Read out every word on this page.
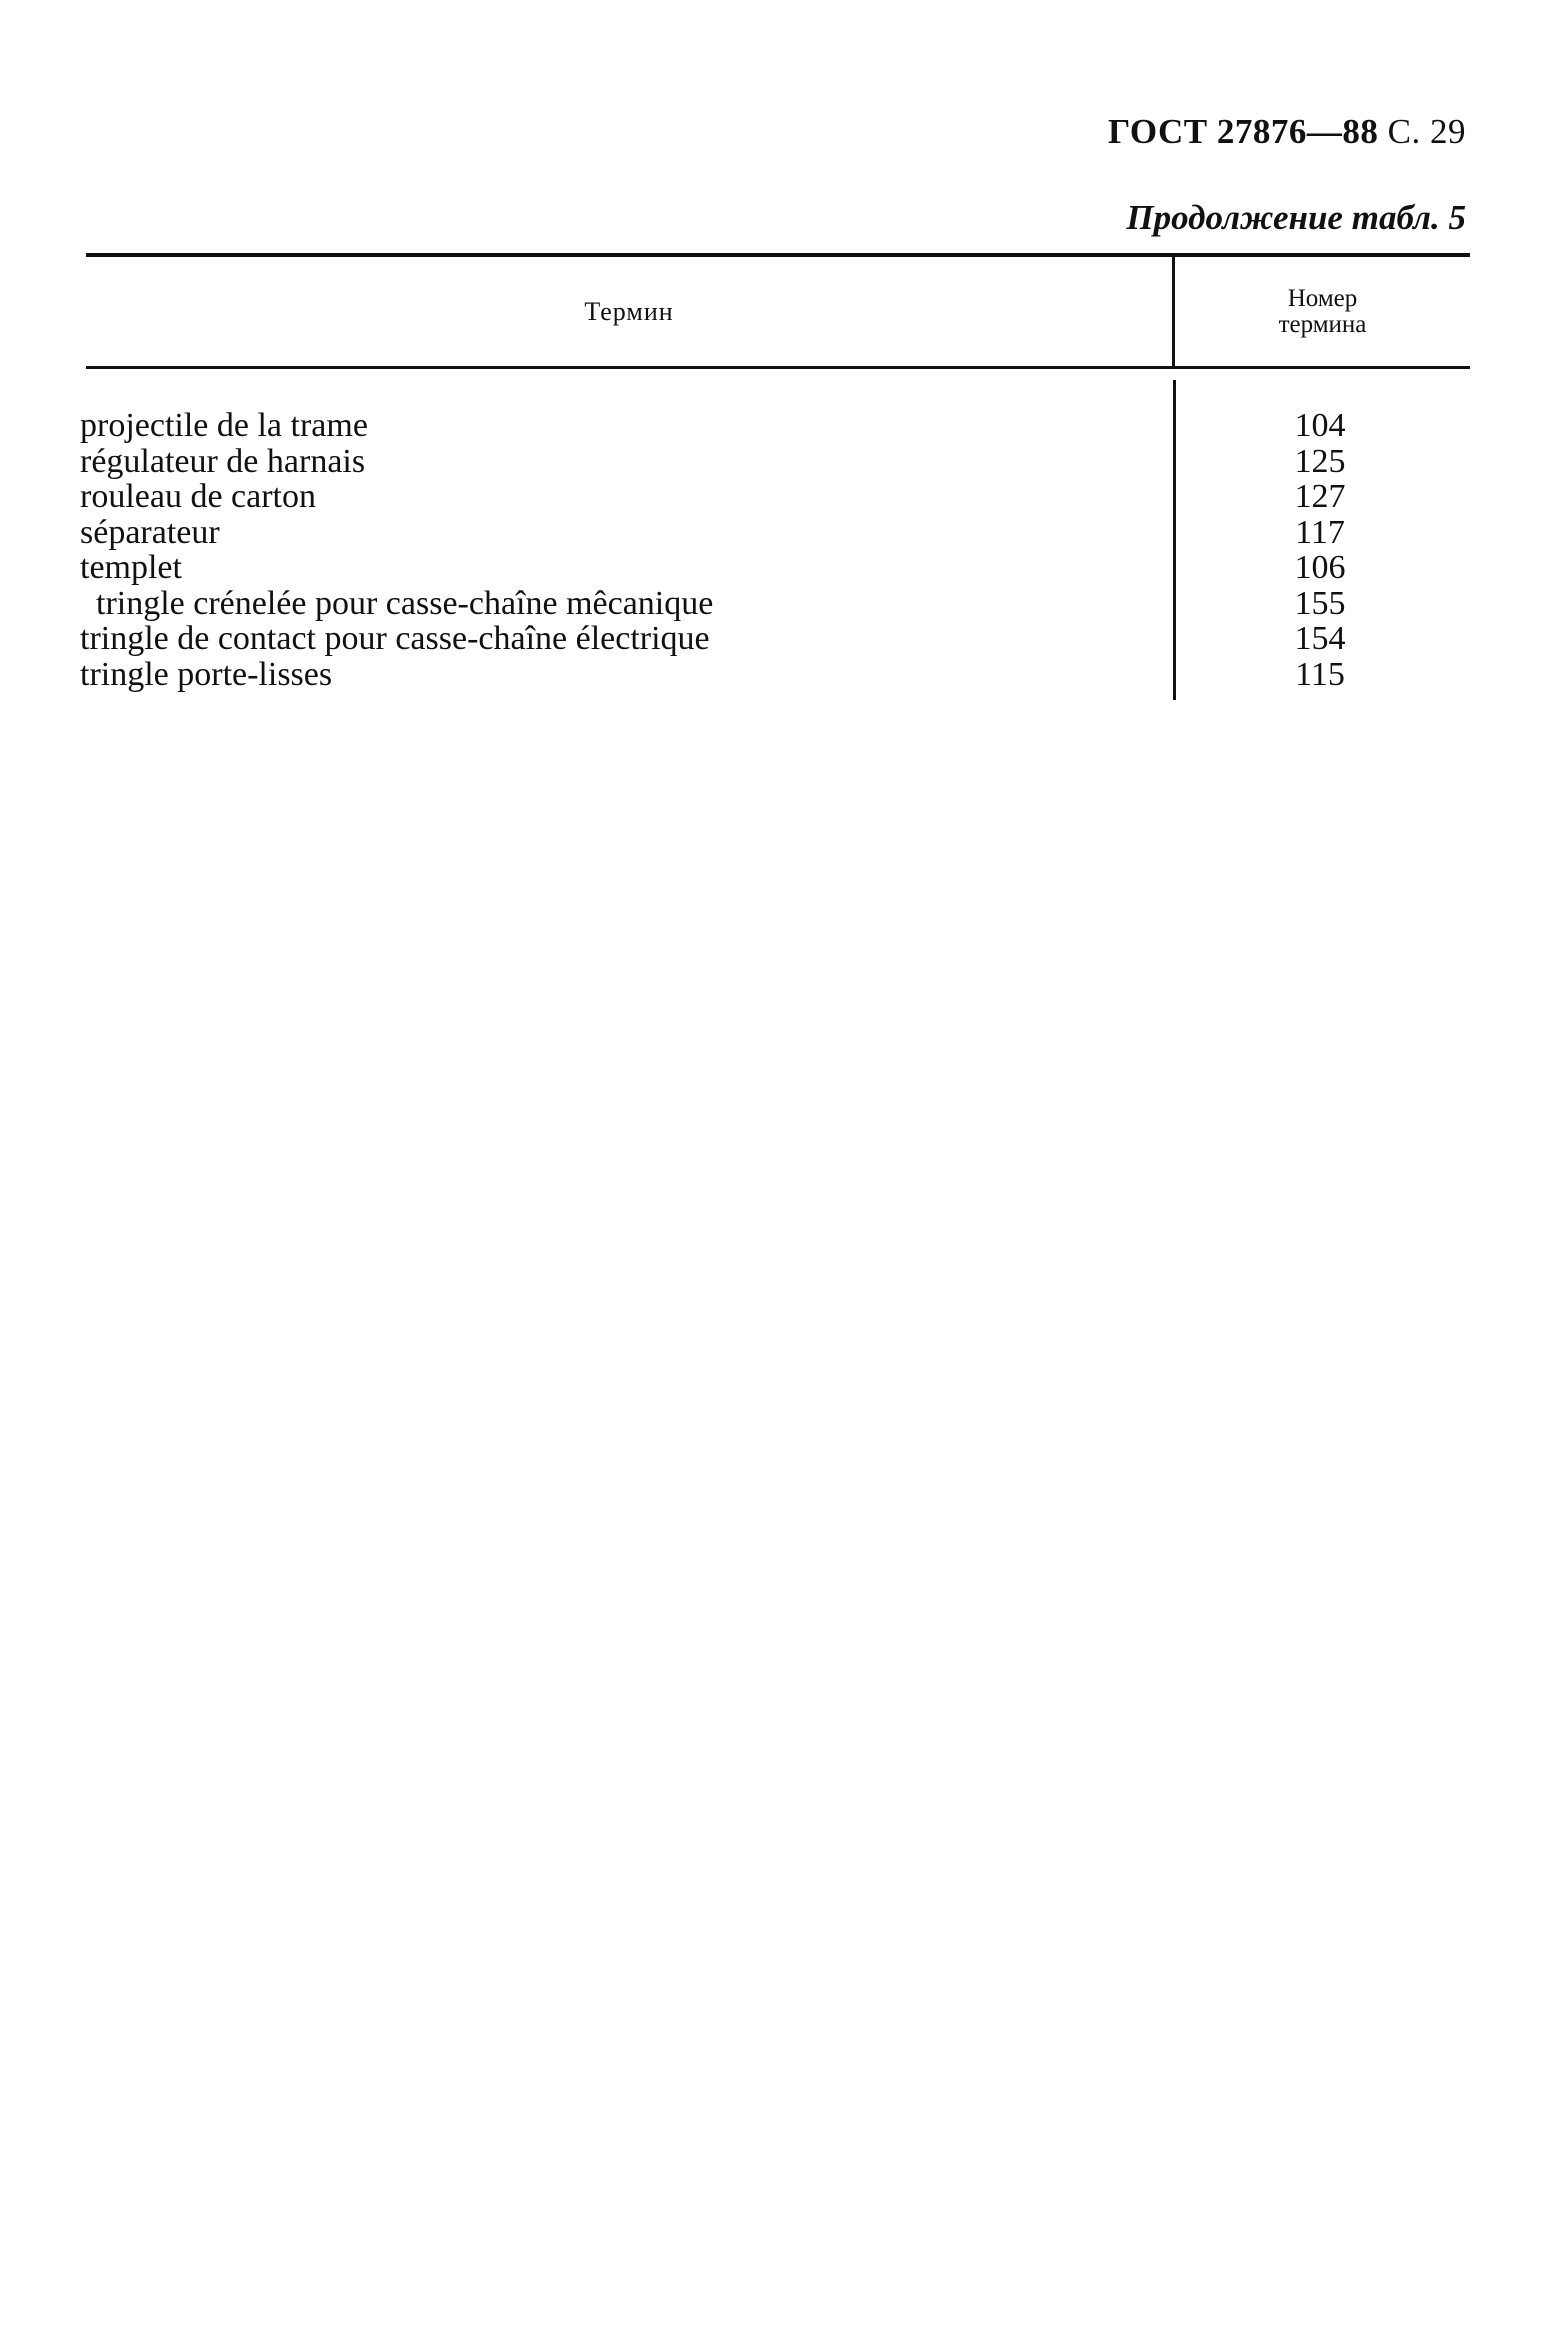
ГОСТ 27876—88 С. 29
Продолжение табл. 5
Термин	Номер
термина
projectile de la trame	104
régulateur de harnais	125
rouleau de carton	127
séparateur	117
templet	106
tringle crénelée pour casse-chaîne mêcanique	155
tringle de contact pour casse-chaîne électrique	154
tringle porte-lisses	115
